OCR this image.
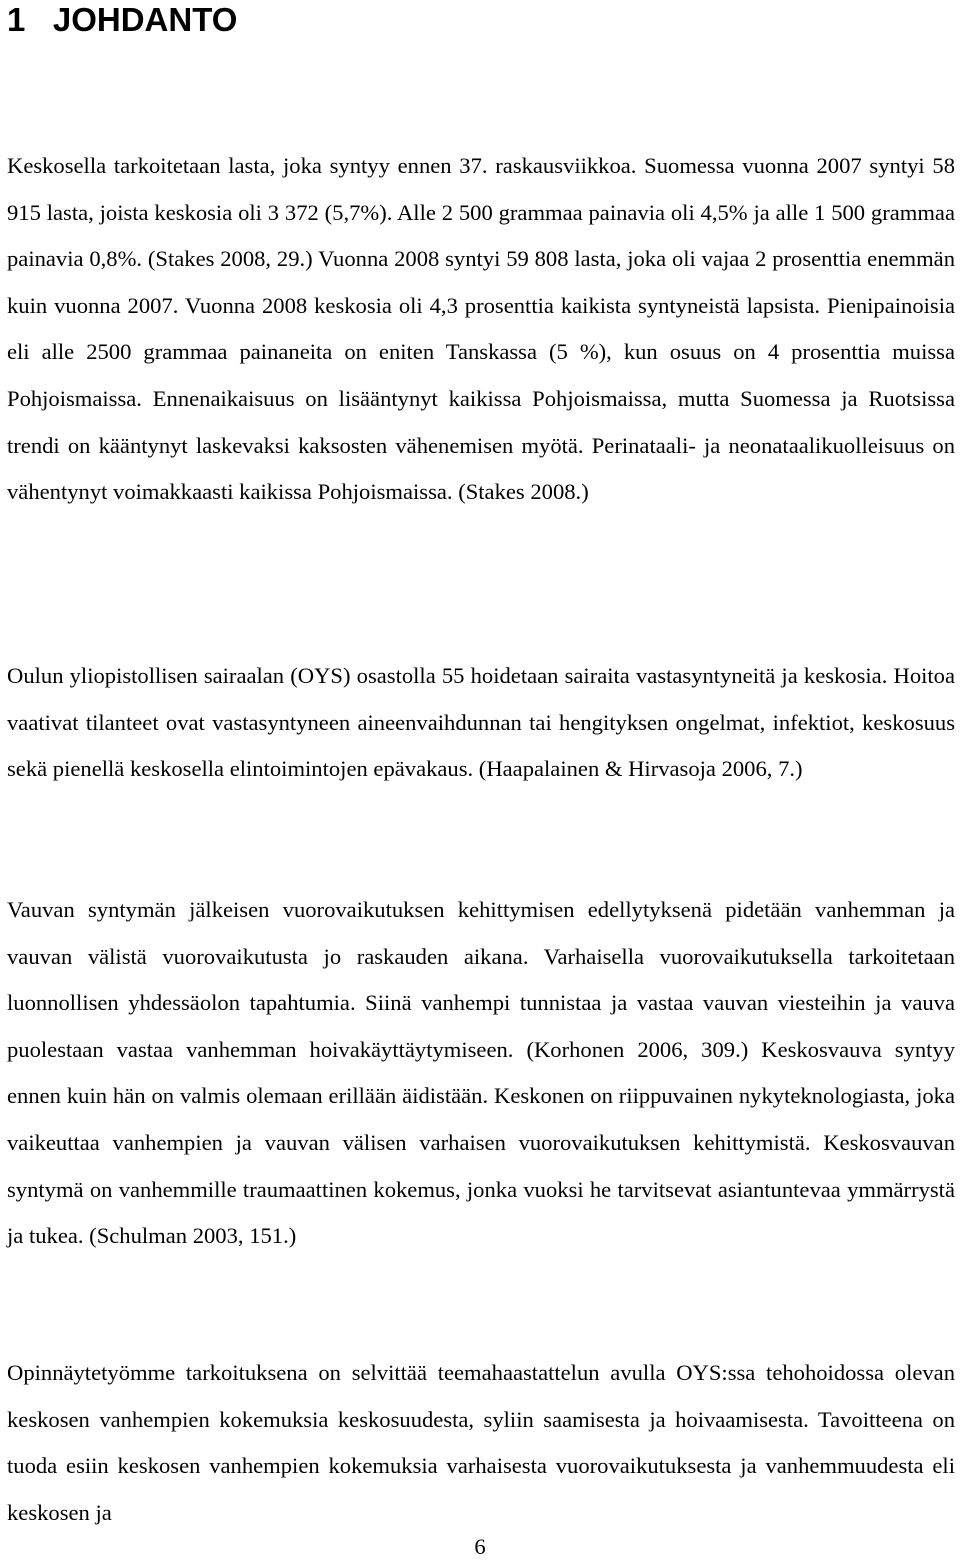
1 JOHDANTO

Keskosella tarkoitetaan lasta, joka syntyy ennen 37. raskausviikkoa. Suomessa vuonna 2007 syntyi 58 915 lasta, joista keskosia oli 3 372 (5,7%). Alle 2 500 grammaa painavia oli 4,5% ja alle 1 500 grammaa painavia 0,8%. (Stakes 2008, 29.) Vuonna 2008 syntyi 59 808 lasta, joka oli vajaa 2 prosenttia enemmän kuin vuonna 2007. Vuonna 2008 keskosia oli 4,3 prosenttia kaikista syntyneistä lapsista. Pienipainoisia eli alle 2500 grammaa painaneita on eniten Tanskassa (5 %), kun osuus on 4 prosenttia muissa Pohjoismaissa. Ennenaikaisuus on lisääntynyt kaikissa Pohjoismaissa, mutta Suomessa ja Ruotsissa trendi on kääntynyt laskevaksi kaksosten vähenemisen myötä. Perinataali- ja neonataalikuolleisuus on vähentynyt voimakkaasti kaikissa Pohjoismaissa. (Stakes 2008.)

Oulun yliopistollisen sairaalan (OYS) osastolla 55 hoidetaan sairaita vastasyntyneitä ja keskosia. Hoitoa vaativat tilanteet ovat vastasyntyneen aineenvaihdunnan tai hengityksen ongelmat, infektiot, keskosuus sekä pienellä keskosella elintoimintojen epävakaus. (Haapalainen & Hirvasoja 2006, 7.)

Vauvan syntymän jälkeisen vuorovaikutuksen kehittymisen edellytyksenä pidetään vanhemman ja vauvan välistä vuorovaikutusta jo raskauden aikana. Varhaisella vuorovaikutuksella tarkoitetaan luonnollisen yhdessäolon tapahtumia. Siinä vanhempi tunnistaa ja vastaa vauvan viesteihin ja vauva puolestaan vastaa vanhemman hoivakäyttäytymiseen. (Korhonen 2006, 309.) Keskosvauva syntyy ennen kuin hän on valmis olemaan erillään äidistään. Keskonen on riippuvainen nykyteknologiasta, joka vaikeuttaa vanhempien ja vauvan välisen varhaisen vuorovaikutuksen kehittymistä. Keskosvauvan syntymä on vanhemmille traumaattinen kokemus, jonka vuoksi he tarvitsevat asiantuntevaa ymmärrystä ja tukea. (Schulman 2003, 151.)

Opinnäytetyömme tarkoituksena on selvittää teemahaastattelun avulla OYS:ssa tehohoidossa olevan keskosen vanhempien kokemuksia keskosuudesta, syliin saamisesta ja hoivaamisesta. Tavoitteena on tuoda esiin keskosen vanhempien kokemuksia varhaisesta vuorovaikutuksesta ja vanhemmuudesta eli keskosen ja

6
